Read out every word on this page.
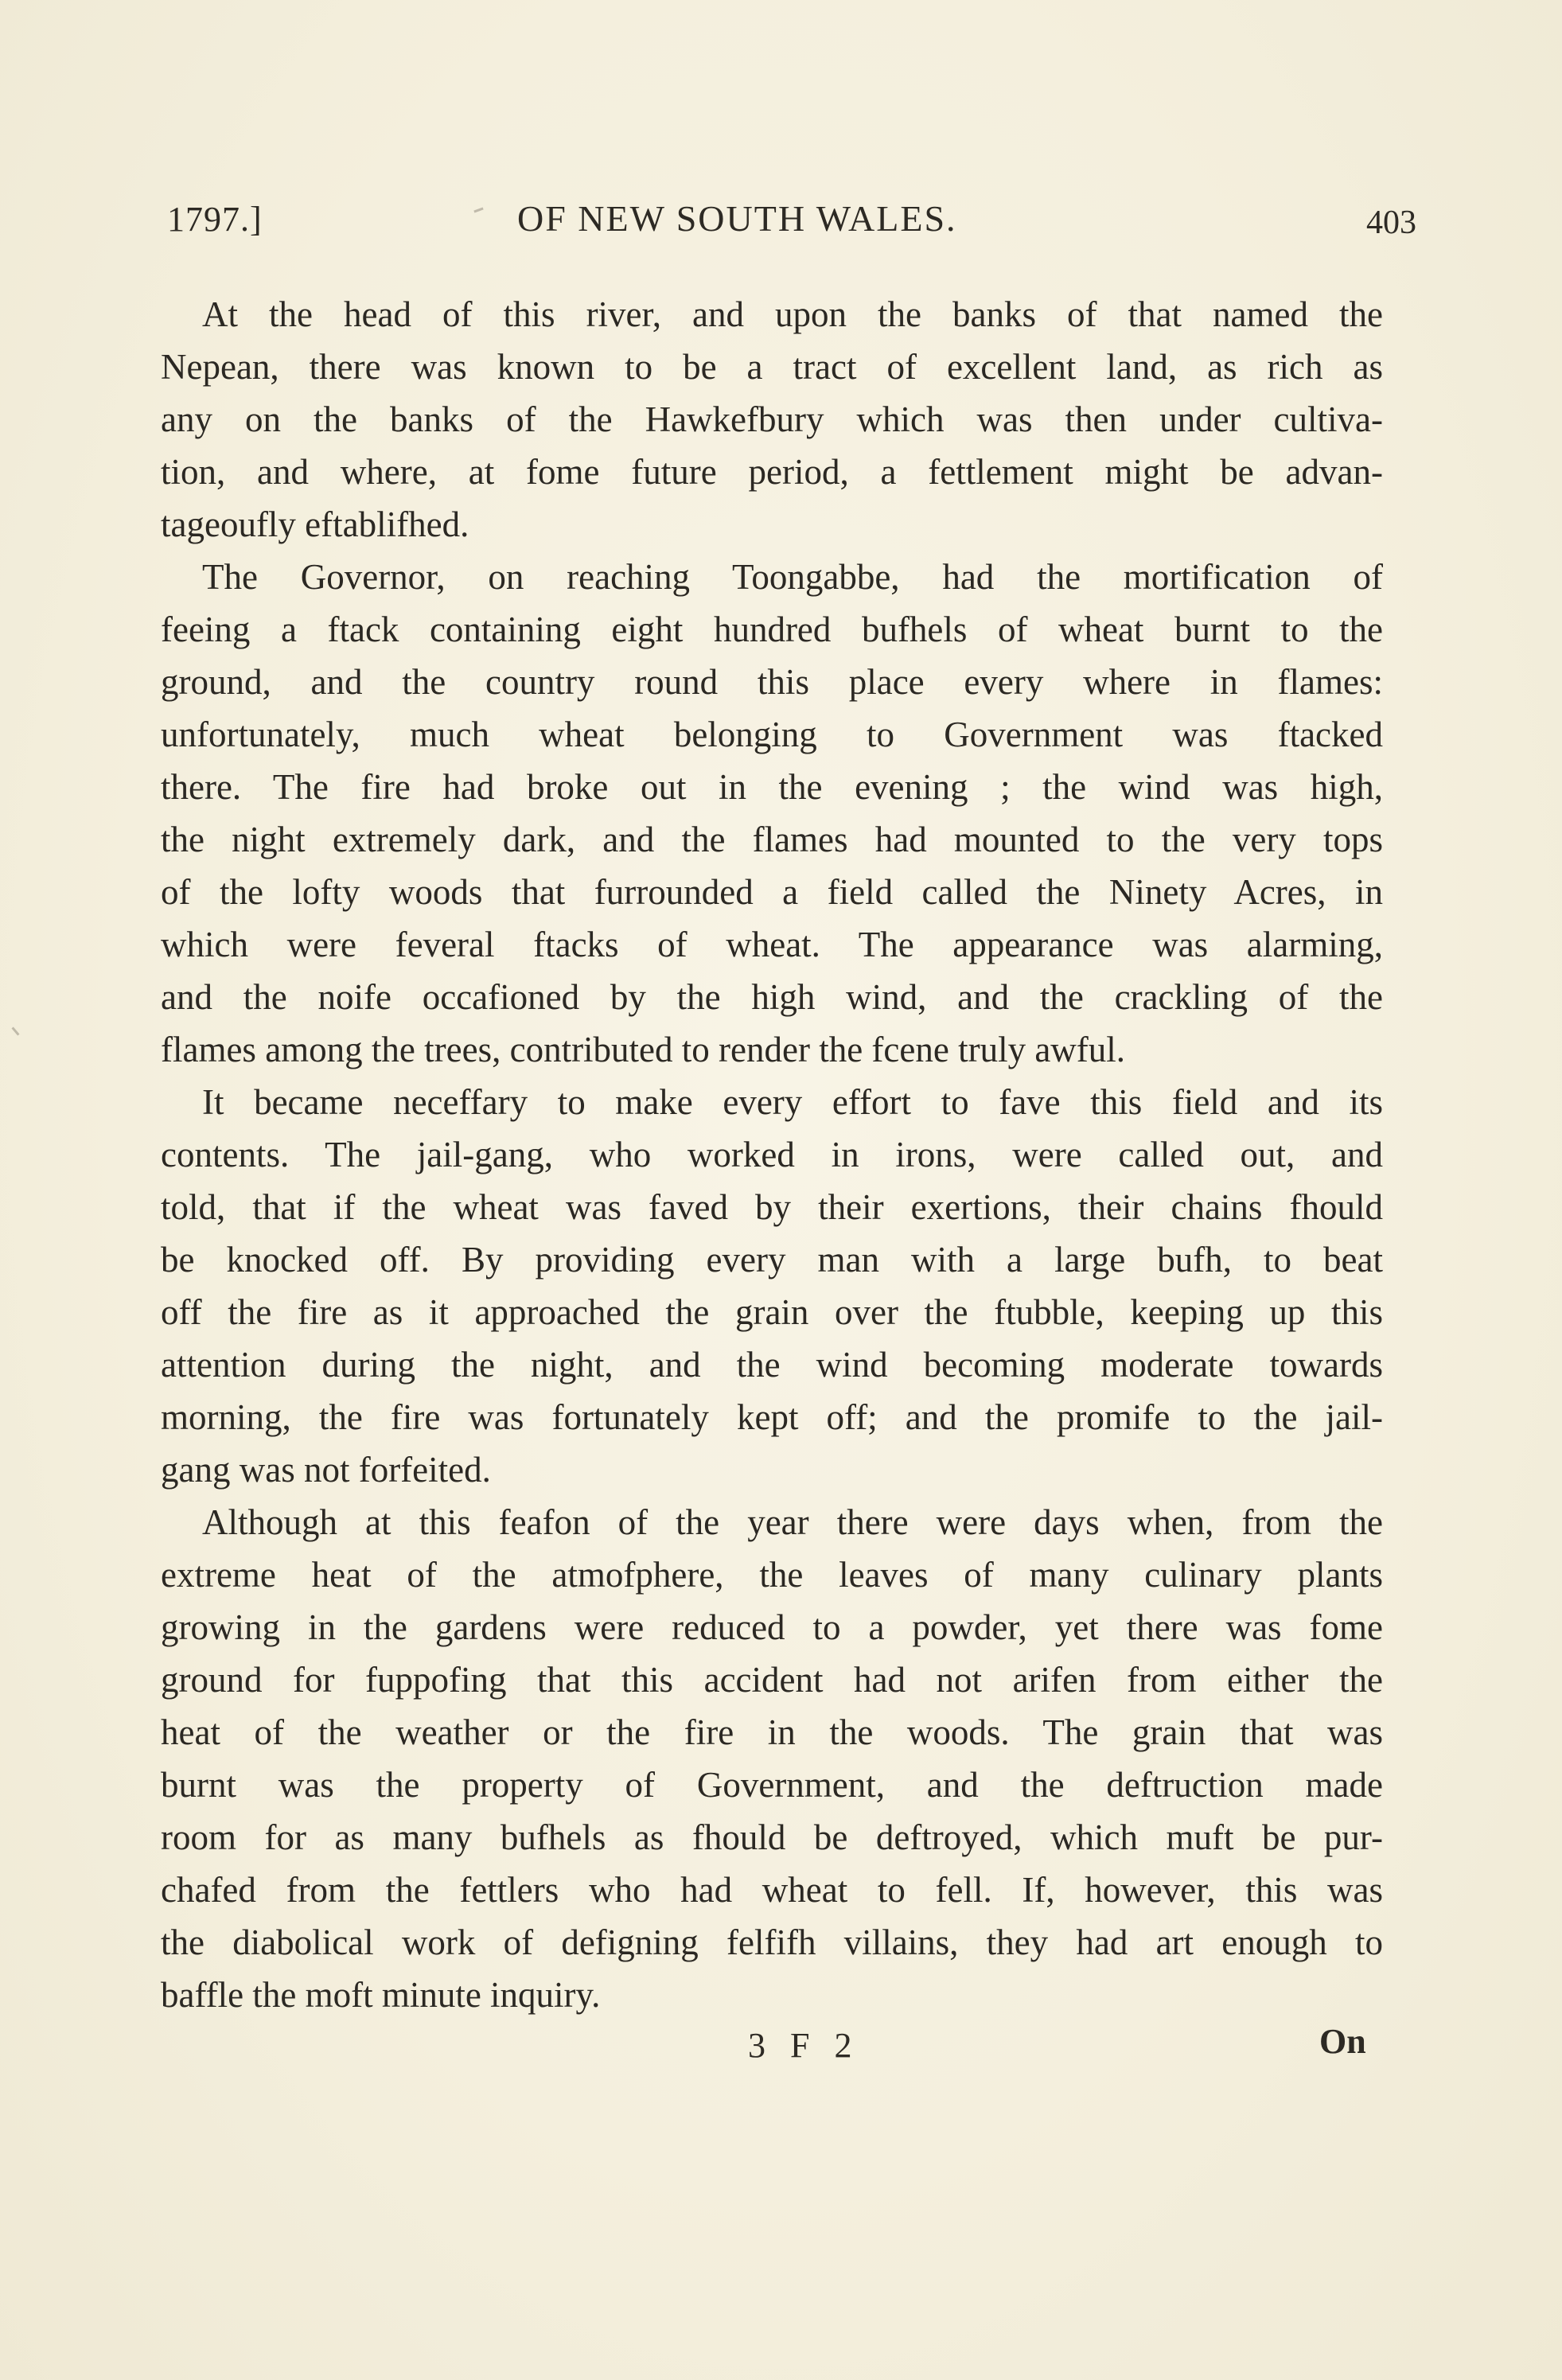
1797.]	OF NEW SOUTH WALES.	403

At the head of this river, and upon the banks of that named the
Nepean, there was known to be a tract of excellent land, as rich as
any on the banks of the Hawkefbury which was then under cultiva-
tion, and where, at fome future period, a fettlement might be advan-
tageoufly eftablifhed.

The Governor, on reaching Toongabbe, had the mortification of
feeing a ftack containing eight hundred bufhels of wheat burnt to the
ground, and the country round this place every where in flames:
unfortunately, much wheat belonging to Government was ftacked
there. The fire had broke out in the evening ; the wind was high,
the night extremely dark, and the flames had mounted to the very tops
of the lofty woods that furrounded a field called the Ninety Acres, in
which were feveral ftacks of wheat. The appearance was alarming,
and the noife occafioned by the high wind, and the crackling of the
flames among the trees, contributed to render the fcene truly awful.

It became neceffary to make every effort to fave this field and its
contents. The jail-gang, who worked in irons, were called out, and
told, that if the wheat was faved by their exertions, their chains fhould
be knocked off. By providing every man with a large bufh, to beat
off the fire as it approached the grain over the ftubble, keeping up this
attention during the night, and the wind becoming moderate towards
morning, the fire was fortunately kept off; and the promife to the jail-
gang was not forfeited.

Although at this feafon of the year there were days when, from the
extreme heat of the atmofphere, the leaves of many culinary plants
growing in the gardens were reduced to a powder, yet there was fome
ground for fuppofing that this accident had not arifen from either the
heat of the weather or the fire in the woods. The grain that was
burnt was the property of Government, and the deftruction made
room for as many bufhels as fhould be deftroyed, which muft be pur-
chafed from the fettlers who had wheat to fell. If, however, this was
the diabolical work of defigning felfifh villains, they had art enough to
baffle the moft minute inquiry.

3 F 2	On
